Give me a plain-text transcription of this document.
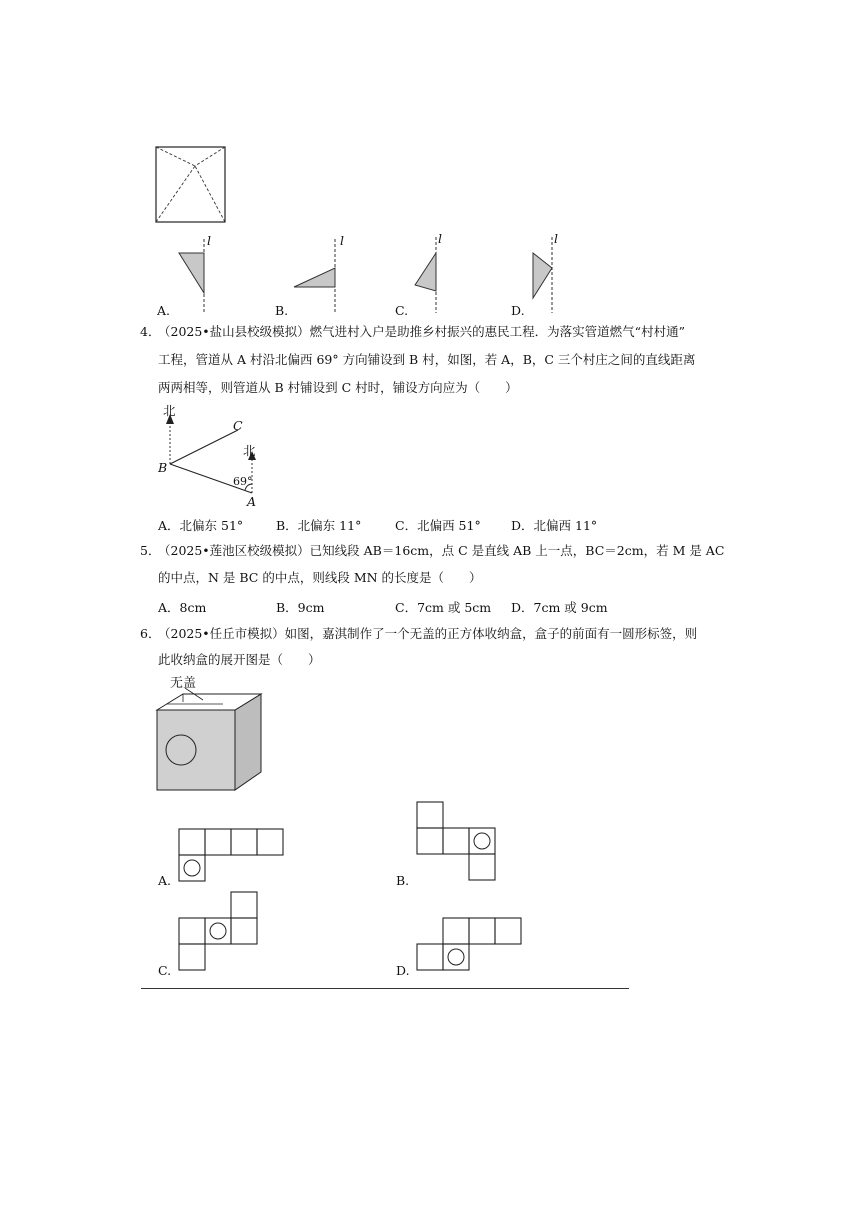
l
A.
l
B.
l
C.
l
D.
4．
（2025•盐山县校级模拟）燃气进村入户是助推乡村振兴的惠民工程．为落实管道燃气“村村通”
工程，管道从 A 村沿北偏西 69° 方向铺设到 B 村，如图，若 A，B，C 三个村庄之间的直线距离
两两相等，则管道从 B 村铺设到 C 村时，铺设方向应为（　　）
北
C
北
B
69°
A
A．北偏东 51°	B．北偏东 11°	C．北偏西 51° D．北偏西 11°
5．
（2025•莲池区校级模拟）已知线段 AB＝16cm，点 C 是直线 AB 上一点，BC＝2cm，若 M 是 AC
的中点，N 是 BC 的中点，则线段 MN 的长度是（　　）
A．8cm	B．9cm	C．7cm 或 5cm D．7cm 或 9cm
6．
（2025•任丘市模拟）如图，嘉淇制作了一个无盖的正方体收纳盒，盒子的前面有一圆形标签，则
此收纳盒的展开图是（　　）
无盖
A.	B.
C.	D.
